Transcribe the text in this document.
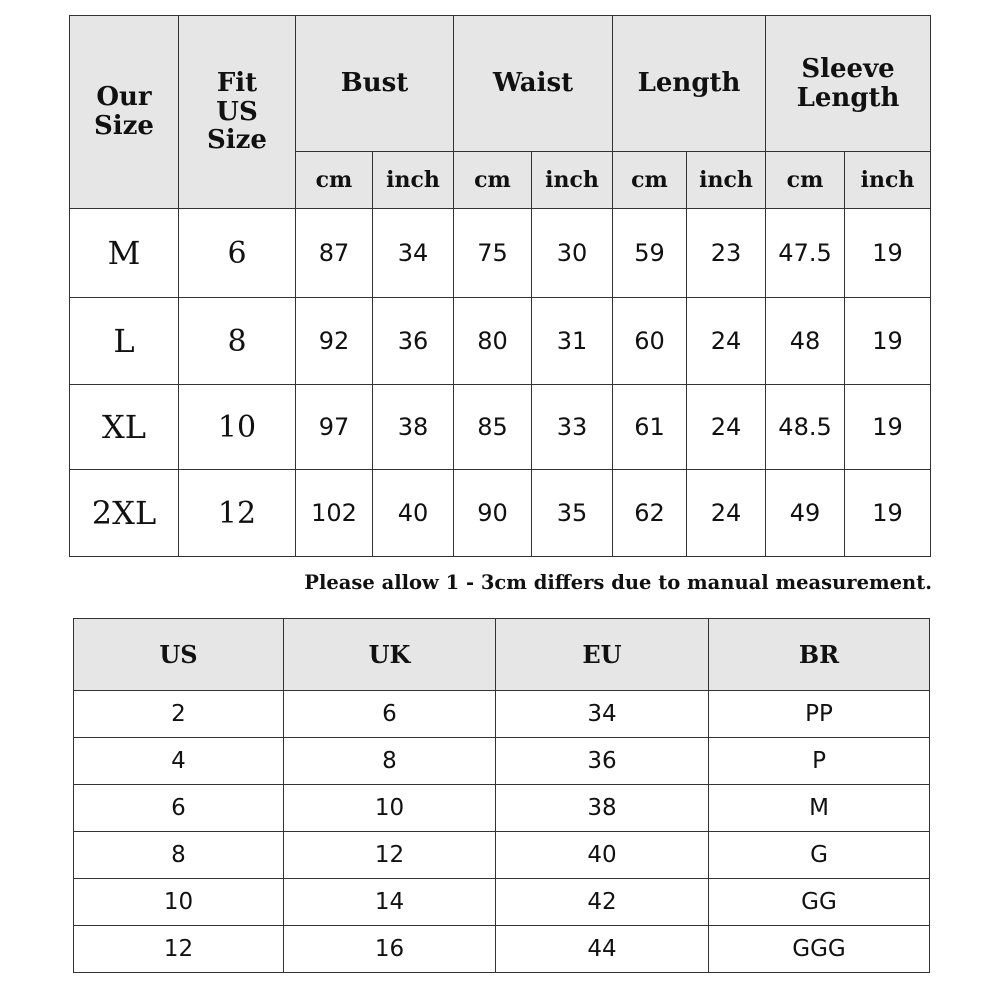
Our Size	Fit US Size	Bust		Waist		Length		Sleeve Length	
		cm	inch	cm	inch	cm	inch	cm	inch
M	6	87	34	75	30	59	23	47.5	19
L	8	92	36	80	31	60	24	48	19
XL	10	97	38	85	33	61	24	48.5	19
2XL	12	102	40	90	35	62	24	49	19
Please allow 1 - 3cm differs due to manual measurement.
US	UK	EU	BR
2	6	34	PP
4	8	36	P
6	10	38	M
8	12	40	G
10	14	42	GG
12	16	44	GGG
